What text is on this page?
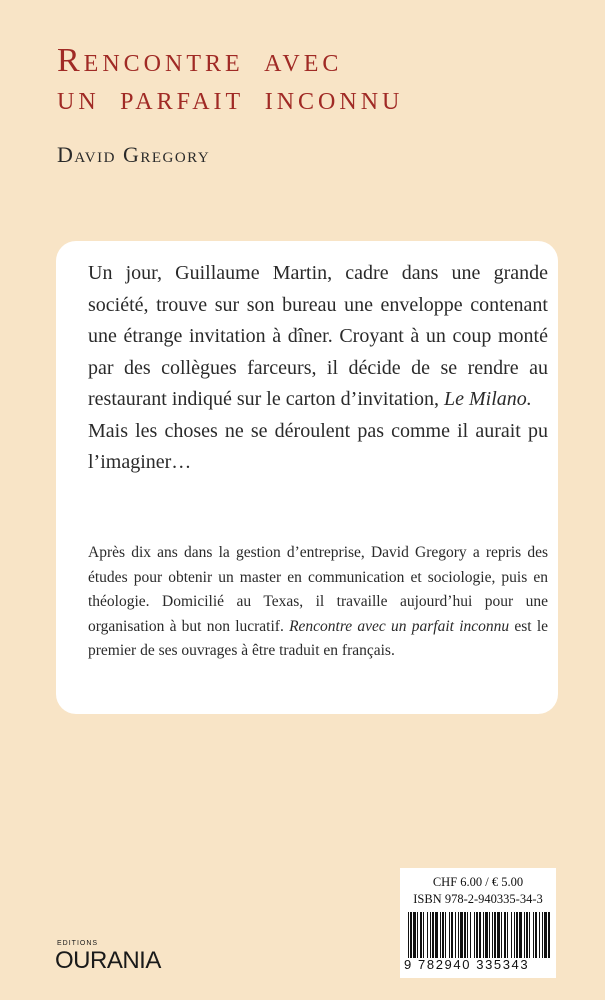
Rencontre avec
un parfait inconnu

David Gregory

Un jour, Guillaume Martin, cadre dans une grande société, trouve sur son bureau une enveloppe contenant une étrange invitation à dîner. Croyant à un coup monté par des collègues farceurs, il décide de se rendre au restaurant indiqué sur le carton d’invitation, Le Milano.
Mais les choses ne se déroulent pas comme il aurait pu l’imaginer…

Après dix ans dans la gestion d’entreprise, David Gregory a repris des études pour obtenir un master en communication et sociologie, puis en théologie. Domicilié au Texas, il travaille aujourd’hui pour une organisation à but non lucratif. Rencontre avec un parfait inconnu est le premier de ses ouvrages à être traduit en français.

EDITIONS
OURANIA
CHF 6.00 / € 5.00
ISBN 978-2-940335-34-3
9 782940 335343
